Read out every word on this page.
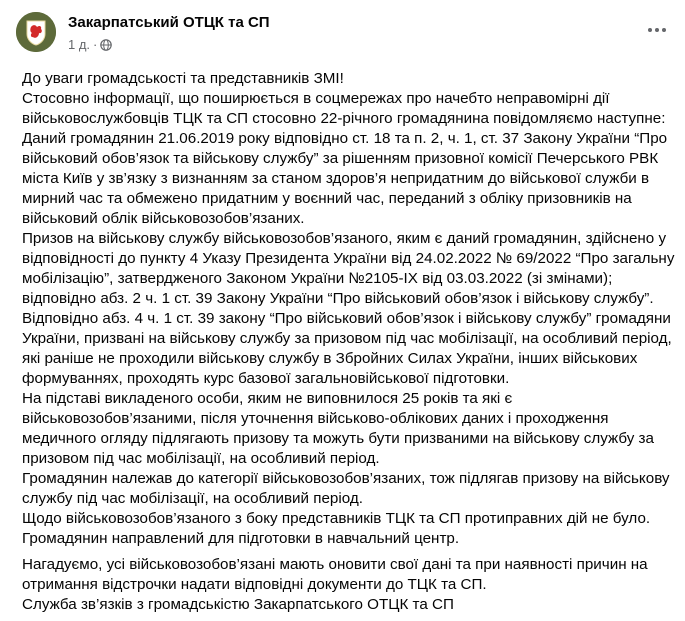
Закарпатський ОТЦК та СП
1 д. ·

До уваги громадськості та представників ЗМІ!

Стосовно інформації, що поширюється в соцмережах про начебто неправомірні дії

військовослужбовців ТЦК та СП стосовно 22-річного громадянина повідомляємо наступне:

Даний громадянин 21.06.2019 року відповідно ст. 18 та п. 2, ч. 1, ст. 37 Закону України “Про

військовий обов’язок та військову службу” за рішенням призовної комісії Печерського РВК

міста Київ у зв’язку з визнанням за станом здоров’я непридатним до військової служби в

мирний час та обмежено придатним у воєнний час, переданий з обліку призовників на

військовий облік військовозобов’язаних.

Призов на військову службу військовозобов’язаного, яким є даний громадянин, здійснено у

відповідності до пункту 4 Указу Президента України від 24.02.2022 № 69/2022 “Про загальну

мобілізацію”, затвердженого Законом України №2105-IX від 03.03.2022 (зі змінами);

відповідно абз. 2 ч. 1 ст. 39 Закону України “Про військовий обов’язок і військову службу”.

Відповідно абз. 4 ч. 1 ст. 39 закону “Про військовий обов’язок і військову службу” громадяни

України, призвані на військову службу за призовом під час мобілізації, на особливий період,

які раніше не проходили військову службу в Збройних Силах України, інших військових

формуваннях, проходять курс базової загальновійськової підготовки.

На підставі викладеного особи, яким не виповнилося 25 років та які є

військовозобов’язаними, після уточнення військово-облікових даних і проходження

медичного огляду підлягають призову та можуть бути призваними на військову службу за

призовом під час мобілізації, на особливий період.

Громадянин належав до категорії військовозобов’язаних, тож підлягав призову на військову

службу під час мобілізації, на особливий період.

Щодо військовозобов’язаного з боку представників ТЦК та СП протиправних дій не було.

Громадянин направлений для підготовки в навчальний центр.

Нагадуємо, усі військовозобов’язані мають оновити свої дані та при наявності причин на

отримання відстрочки надати відповідні документи до ТЦК та СП.

Служба зв’язків з громадськістю Закарпатського ОТЦК та СП
